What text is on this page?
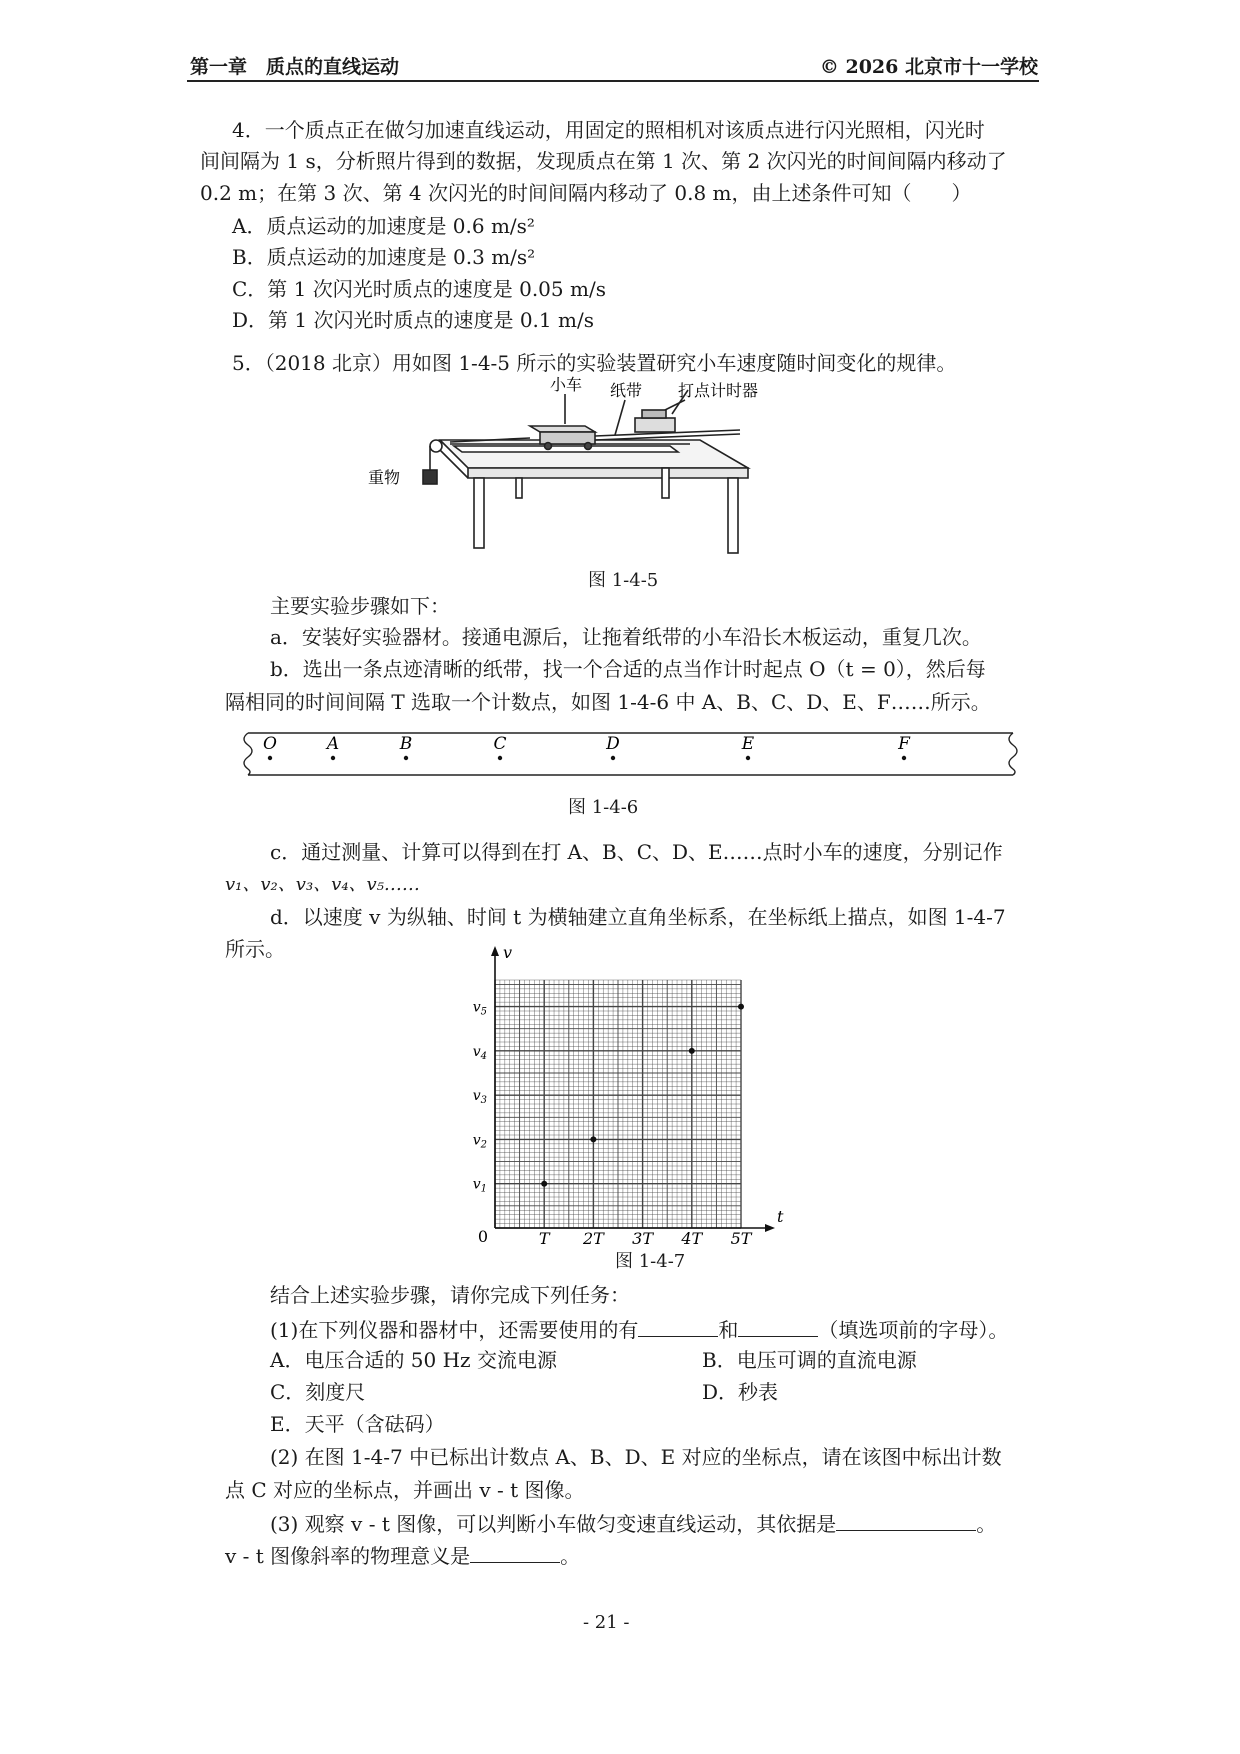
第一章　质点的直线运动	© 2026 北京市十一学校
4．一个质点正在做匀加速直线运动，用固定的照相机对该质点进行闪光照相，闪光时
间间隔为 1 s，分析照片得到的数据，发现质点在第 1 次、第 2 次闪光的时间间隔内移动了
0.2 m；在第 3 次、第 4 次闪光的时间间隔内移动了 0.8 m，由上述条件可知（　　）
A．质点运动的加速度是 0.6 m/s²
B．质点运动的加速度是 0.3 m/s²
C．第 1 次闪光时质点的速度是 0.05 m/s
D．第 1 次闪光时质点的速度是 0.1 m/s
5．（2018 北京）用如图 1-4-5 所示的实验装置研究小车速度随时间变化的规律。
小车 纸带 打点计时器
重物
图 1-4-5
主要实验步骤如下：
a．安装好实验器材。接通电源后，让拖着纸带的小车沿长木板运动，重复几次。
b．选出一条点迹清晰的纸带，找一个合适的点当作计时起点 O（t = 0），然后每
隔相同的时间间隔 T 选取一个计数点，如图 1-4-6 中 A、B、C、D、E、F……所示。
O	A	B	C	D	E	F
图 1-4-6
c．通过测量、计算可以得到在打 A、B、C、D、E……点时小车的速度，分别记作
v₁、v₂、v₃、v₄、v₅……
d．以速度 v 为纵轴、时间 t 为横轴建立直角坐标系，在坐标纸上描点，如图 1-4-7
所示。
t
v
0	T 2T 3T 4T 5T
$v_1$
$v_2$
$v_3$
$v_4$
$v_5$
图 1-4-7
结合上述实验步骤，请你完成下列任务：
(1)在下列仪器和器材中，还需要使用的有	和	（填选项前的字母）。
A．电压合适的 50 Hz 交流电源	B．电压可调的直流电源
C．刻度尺	D．秒表
E．天平（含砝码）
(2) 在图 1-4-7 中已标出计数点 A、B、D、E 对应的坐标点，请在该图中标出计数
点 C 对应的坐标点，并画出 v - t 图像。
(3) 观察 v - t 图像，可以判断小车做匀变速直线运动，其依据是	。
v - t 图像斜率的物理意义是	。
- 21 -
